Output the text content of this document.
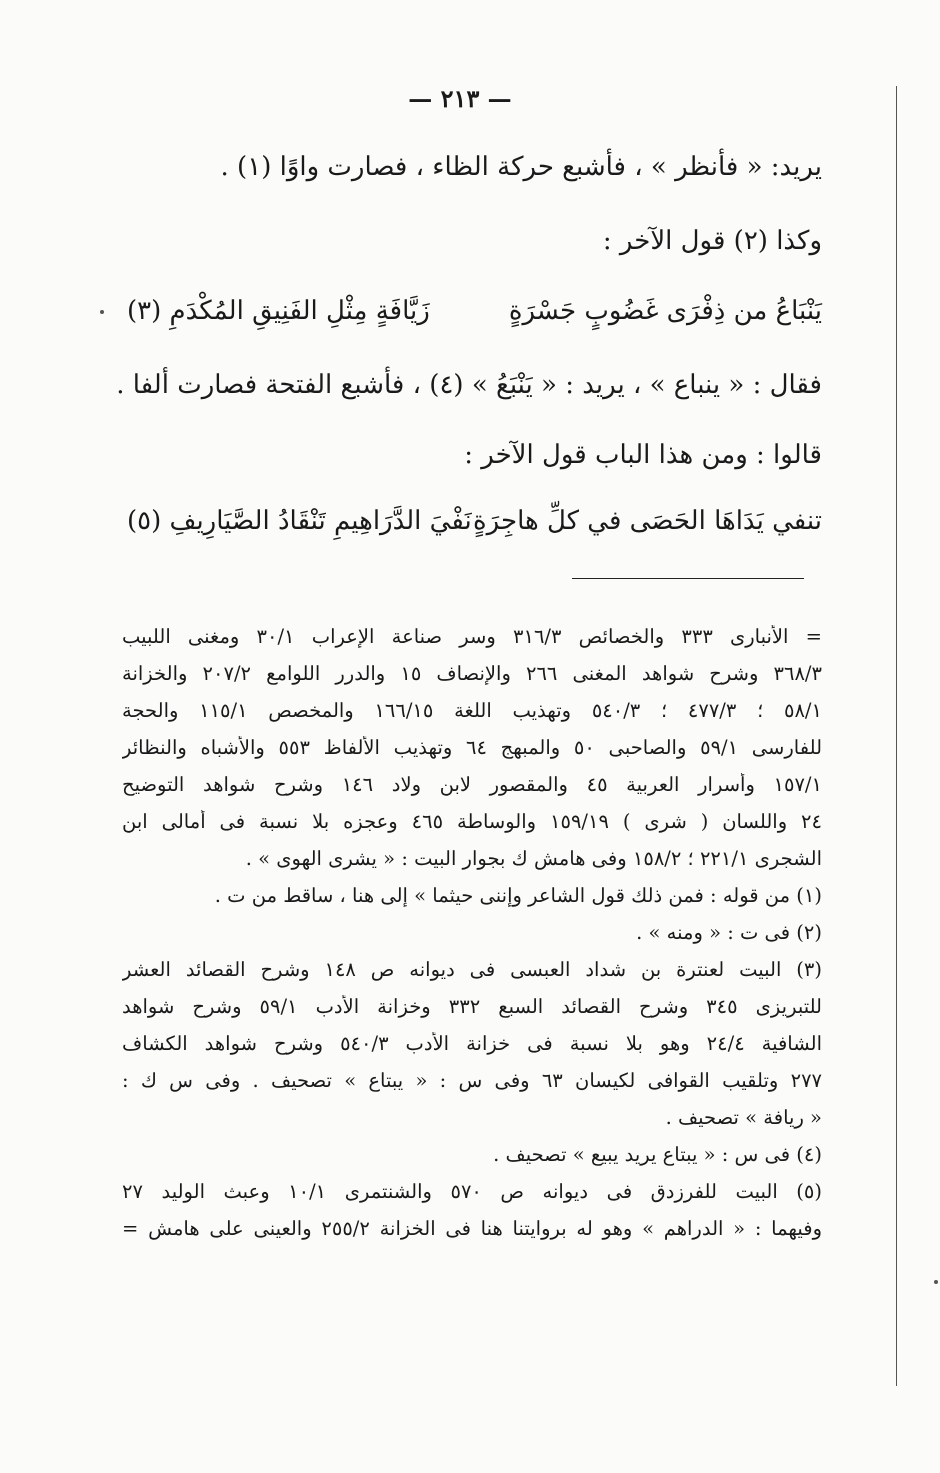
— ٢١٣ —
يريد: « فأنظر » ، فأشبع حركة الظاء ، فصارت واوًا (١) .
وكذا (٢) قول الآخر :
يَنْبَاعُ من ذِفْرَى غَضُوبٍ جَسْرَةٍ
زَيَّافَةٍ مِثْلِ الفَنِيقِ المُكْدَمِ (٣)
فقال : « ينباع » ، يريد : « يَنْبَعُ » (٤) ، فأشبع الفتحة فصارت ألفا .
قالوا : ومن هذا الباب قول الآخر :
تنفي يَدَاهَا الحَصَى في كلِّ هاجِرَةٍ
نَفْيَ الدَّرَاهِيمِ تَنْقَادُ الصَّيَارِيفِ (٥)
= الأنبارى ٣٣٣ والخصائص ٣١٦/٣ وسر صناعة الإعراب ٣٠/١ ومغنى اللبيب
٣٦٨/٣ وشرح شواهد المغنى ٢٦٦ والإنصاف ١٥ والدرر اللوامع ٢٠٧/٢ والخزانة
٥٨/١ ؛ ٤٧٧/٣ ؛ ٥٤٠/٣ وتهذيب اللغة ١٦٦/١٥ والمخصص ١١٥/١ والحجة
للفارسى ٥٩/١ والصاحبى ٥٠ والمبهج ٦٤ وتهذيب الألفاظ ٥٥٣ والأشباه والنظائر
١٥٧/١ وأسرار العربية ٤٥ والمقصور لابن ولاد ١٤٦ وشرح شواهد التوضيح
٢٤ واللسان ( شرى ) ١٥٩/١٩ والوساطة ٤٦٥ وعجزه بلا نسبة فى أمالى ابن
الشجرى ٢٢١/١ ؛ ١٥٨/٢ وفى هامش ك بجوار البيت : « يشرى الهوى » .
(١) من قوله : فمن ذلك قول الشاعر وإننى حيثما » إلى هنا ، ساقط من ت .
(٢) فى ت : « ومنه » .
(٣) البيت لعنترة بن شداد العبسى فى ديوانه ص ١٤٨ وشرح القصائد العشر
للتبريزى ٣٤٥ وشرح القصائد السبع ٣٣٢ وخزانة الأدب ٥٩/١ وشرح شواهد
الشافية ٢٤/٤ وهو بلا نسبة فى خزانة الأدب ٥٤٠/٣ وشرح شواهد الكشاف
٢٧٧ وتلقيب القوافى لكيسان ٦٣ وفى س : « يبتاع » تصحيف . وفى س ك :
« ريافة » تصحيف .
(٤) فى س : « يبتاع يريد يبيع » تصحيف .
(٥) البيت للفرزدق فى ديوانه ص ٥٧٠ والشنتمرى ١٠/١ وعبث الوليد ٢٧
وفيهما : « الدراهم » وهو له بروايتنا هنا فى الخزانة ٢٥٥/٢ والعينى على هامش =
